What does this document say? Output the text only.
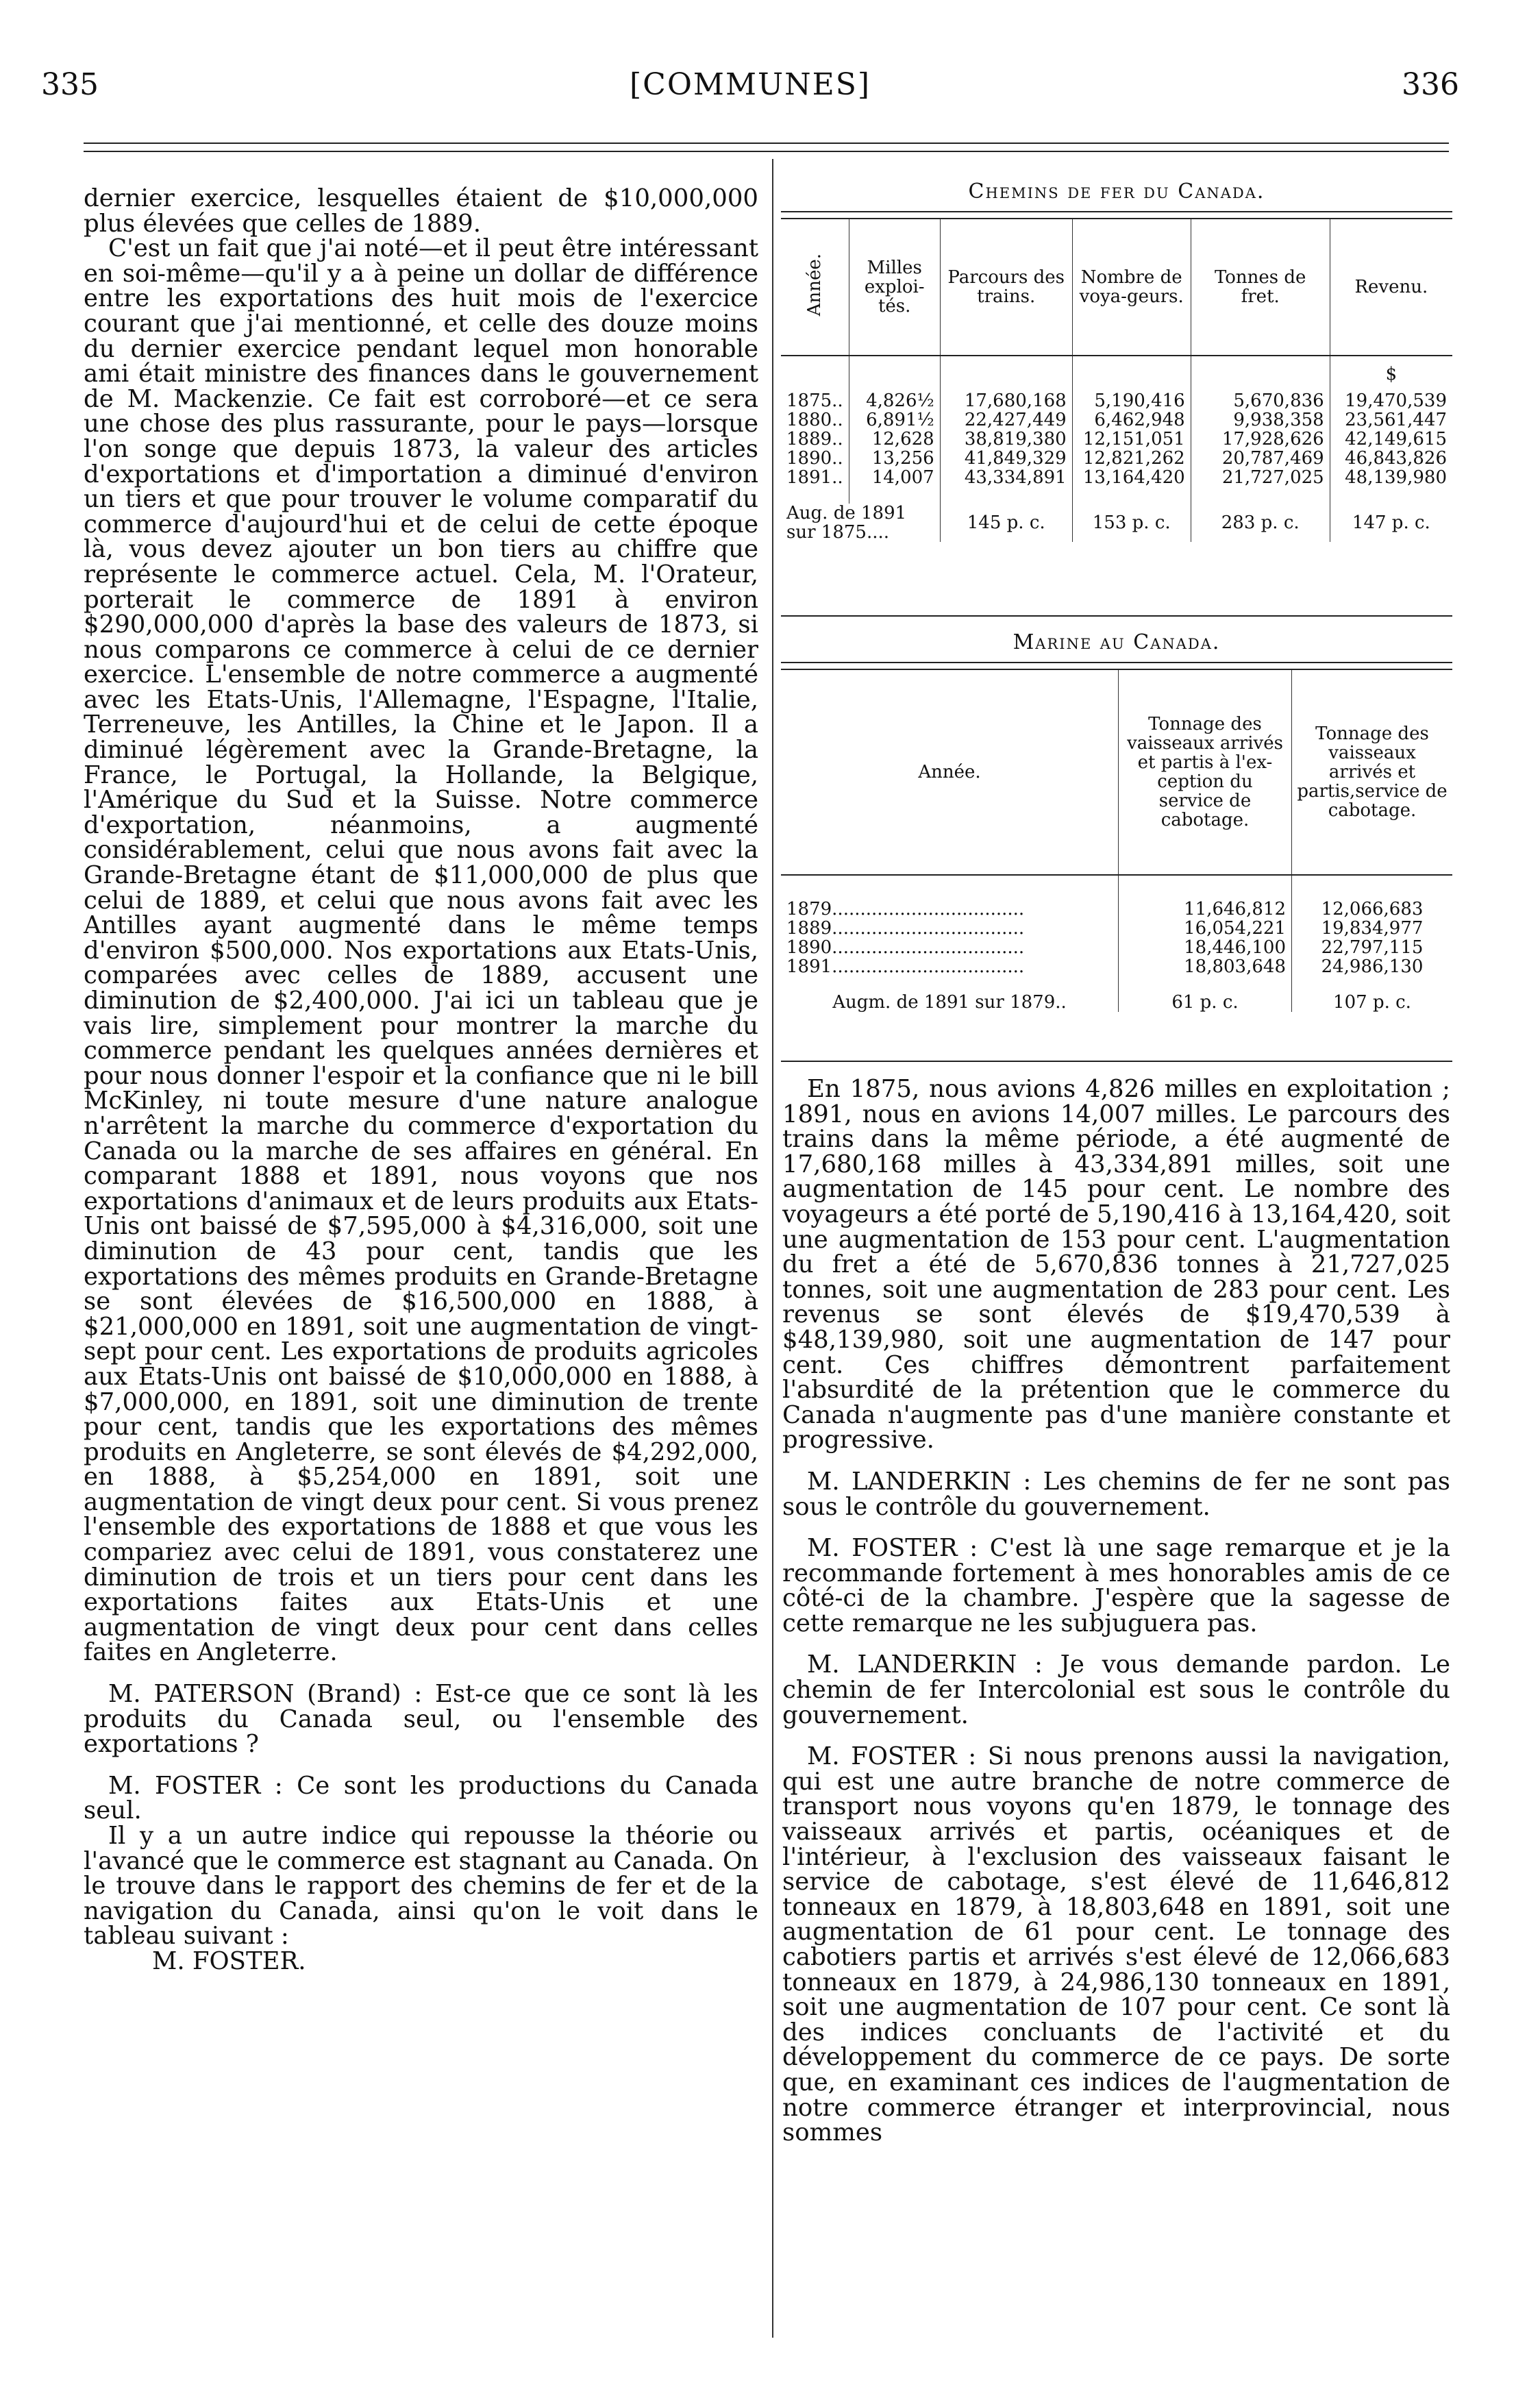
335	[COMMUNES]	336

dernier exercice, lesquelles étaient de $10,000,000 plus élevées que celles de 1889.

C'est un fait que j'ai noté—et il peut être intéressant en soi-même—qu'il y a à peine un dollar de différence entre les exportations des huit mois de l'exercice courant que j'ai mentionné, et celle des douze moins du dernier exercice pendant lequel mon honorable ami était ministre des finances dans le gouvernement de M. Mackenzie. Ce fait est corroboré—et ce sera une chose des plus rassurante, pour le pays—lorsque l'on songe que depuis 1873, la valeur des articles d'exportations et d'importation a diminué d'environ un tiers et que pour trouver le volume comparatif du commerce d'aujourd'hui et de celui de cette époque là, vous devez ajouter un bon tiers au chiffre que représente le commerce actuel. Cela, M. l'Orateur, porterait le commerce de 1891 à environ $290,000,000 d'après la base des valeurs de 1873, si nous comparons ce commerce à celui de ce dernier exercice. L'ensemble de notre commerce a augmenté avec les Etats-Unis, l'Allemagne, l'Espagne, l'Italie, Terreneuve, les Antilles, la Chine et le Japon. Il a diminué légèrement avec la Grande-Bretagne, la France, le Portugal, la Hollande, la Belgique, l'Amérique du Sud et la Suisse. Notre commerce d'exportation, néanmoins, a augmenté considérablement, celui que nous avons fait avec la Grande-Bretagne étant de $11,000,000 de plus que celui de 1889, et celui que nous avons fait avec les Antilles ayant augmenté dans le même temps d'environ $500,000. Nos exportations aux Etats-Unis, comparées avec celles de 1889, accusent une diminution de $2,400,000. J'ai ici un tableau que je vais lire, simplement pour montrer la marche du commerce pendant les quelques années dernières et pour nous donner l'espoir et la confiance que ni le bill McKinley, ni toute mesure d'une nature analogue n'arrêtent la marche du commerce d'exportation du Canada ou la marche de ses affaires en général. En comparant 1888 et 1891, nous voyons que nos exportations d'animaux et de leurs produits aux Etats-Unis ont baissé de $7,595,000 à $4,316,000, soit une diminution de 43 pour cent, tandis que les exportations des mêmes produits en Grande-Bretagne se sont élevées de $16,500,000 en 1888, à $21,000,000 en 1891, soit une augmentation de vingt-sept pour cent. Les exportations de produits agricoles aux Etats-Unis ont baissé de $10,000,000 en 1888, à $7,000,000, en 1891, soit une diminution de trente pour cent, tandis que les exportations des mêmes produits en Angleterre, se sont élevés de $4,292,000, en 1888, à $5,254,000 en 1891, soit une augmentation de vingt deux pour cent. Si vous prenez l'ensemble des exportations de 1888 et que vous les compariez avec celui de 1891, vous constaterez une diminution de trois et un tiers pour cent dans les exportations faites aux Etats-Unis et une augmentation de vingt deux pour cent dans celles faites en Angleterre.

M. PATERSON (Brand) : Est-ce que ce sont là les produits du Canada seul, ou l'ensemble des exportations ?

M. FOSTER : Ce sont les productions du Canada seul.

Il y a un autre indice qui repousse la théorie ou l'avancé que le commerce est stagnant au Canada. On le trouve dans le rapport des chemins de fer et de la navigation du Canada, ainsi qu'on le voit dans le tableau suivant :

M. FOSTER.

Chemins de fer du Canada.
Année.	Milles exploi-tés.	Parcours des trains.	Nombre de voya-geurs.	Tonnes de fret.	Revenu.
					$
1875..	4,826½	17,680,168	5,190,416	5,670,836	19,470,539
1880..	6,891½	22,427,449	6,462,948	9,938,358	23,561,447
1889..	12,628	38,819,380	12,151,051	17,928,626	42,149,615
1890..	13,256	41,849,329	12,821,262	20,787,469	46,843,826
1891..	14,007	43,334,891	13,164,420	21,727,025	48,139,980

Aug. de 1891 sur 1875....		145 p. c.	153 p. c.	283 p. c.	147 p. c.
Marine au Canada.
Année.	Tonnage des vaisseaux arrivés et partis à l'ex-ception du service de cabotage.	Tonnage des vaisseaux arrivés et partis,service de cabotage.

1879..................................	11,646,812	12,066,683
1889..................................	16,054,221	19,834,977
1890..................................	18,446,100	22,797,115
1891..................................	18,803,648	24,986,130

Augm. de 1891 sur 1879..	61 p. c.	107 p. c.

En 1875, nous avions 4,826 milles en exploitation ; 1891, nous en avions 14,007 milles. Le parcours des trains dans la même période, a été augmenté de 17,680,168 milles à 43,334,891 milles, soit une augmentation de 145 pour cent. Le nombre des voyageurs a été porté de 5,190,416 à 13,164,420, soit une augmentation de 153 pour cent. L'augmentation du fret a été de 5,670,836 tonnes à 21,727,025 tonnes, soit une augmentation de 283 pour cent. Les revenus se sont élevés de $19,470,539 à $48,139,980, soit une augmentation de 147 pour cent. Ces chiffres démontrent parfaitement l'absurdité de la prétention que le commerce du Canada n'augmente pas d'une manière constante et progressive.

M. LANDERKIN : Les chemins de fer ne sont pas sous le contrôle du gouvernement.

M. FOSTER : C'est là une sage remarque et je la recommande fortement à mes honorables amis de ce côté-ci de la chambre. J'espère que la sagesse de cette remarque ne les subjuguera pas.

M. LANDERKIN : Je vous demande pardon. Le chemin de fer Intercolonial est sous le contrôle du gouvernement.

M. FOSTER : Si nous prenons aussi la navigation, qui est une autre branche de notre commerce de transport nous voyons qu'en 1879, le tonnage des vaisseaux arrivés et partis, océaniques et de l'intérieur, à l'exclusion des vaisseaux faisant le service de cabotage, s'est élevé de 11,646,812 tonneaux en 1879, à 18,803,648 en 1891, soit une augmentation de 61 pour cent. Le tonnage des cabotiers partis et arrivés s'est élevé de 12,066,683 tonneaux en 1879, à 24,986,130 tonneaux en 1891, soit une augmentation de 107 pour cent. Ce sont là des indices concluants de l'activité et du développement du commerce de ce pays. De sorte que, en examinant ces indices de l'augmentation de notre commerce étranger et interprovincial, nous sommes
